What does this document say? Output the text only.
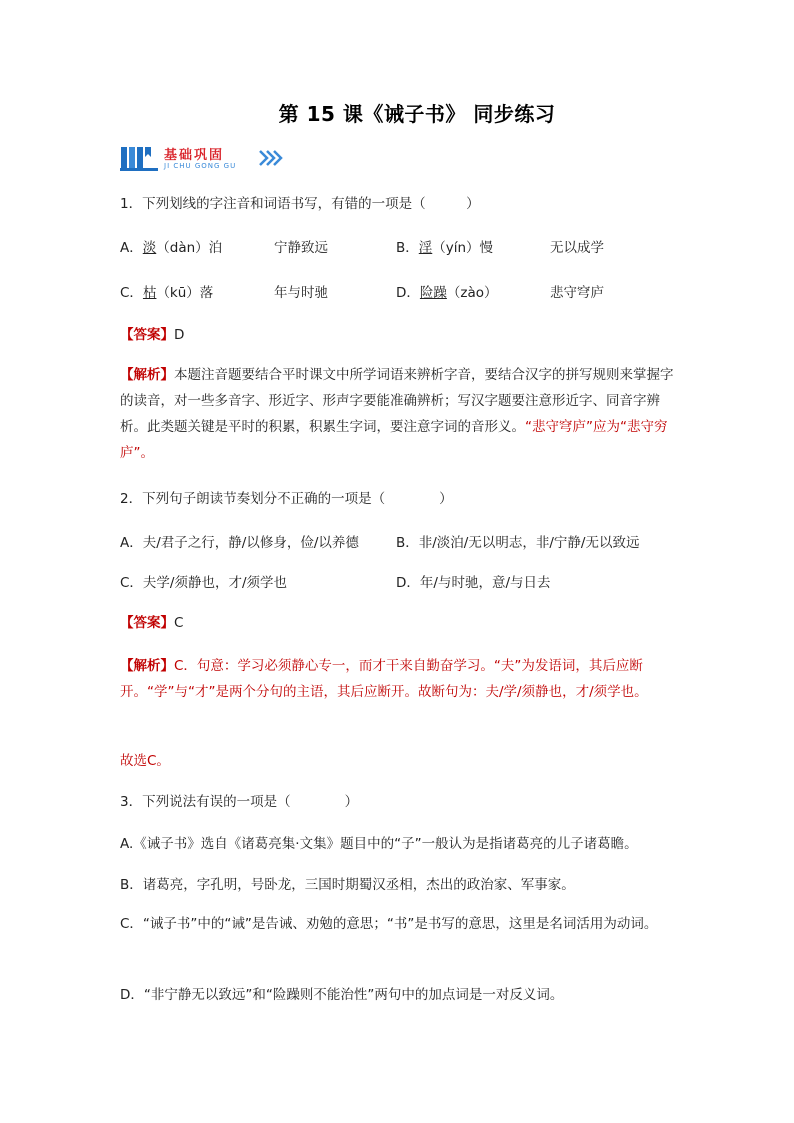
第 15 课《诫子书》 同步练习
基础巩固
JI CHU GONG GU
1．下列划线的字注音和词语书写，有错的一项是（　　　）
A．淡（dàn）泊	宁静致远	B．淫（yín）慢	无以成学
C．枯（kū）落	年与时驰	D．险躁（zào）	悲守穹庐
【答案】D
【解析】本题注音题要结合平时课文中所学词语来辨析字音，要结合汉字的拼写规则来掌握字的读音，对一些多音字、形近字、形声字要能准确辨析；写汉字题要注意形近字、同音字辨析。此类题关键是平时的积累，积累生字词，要注意字词的音形义。“悲守穹庐”应为“悲守穷庐”。
2．下列句子朗读节奏划分不正确的一项是（　　　　）
A．夫/君子之行，静/以修身，俭/以养德	B．非/淡泊/无以明志，非/宁静/无以致远
C．夫学/须静也，才/须学也	D．年/与时驰，意/与日去
【答案】C
【解析】C．句意：学习必须静心专一，而才干来自勤奋学习。“夫”为发语词，其后应断开。“学”与“才”是两个分句的主语，其后应断开。故断句为：夫/学/须静也，才/须学也。
故选C。
3．下列说法有误的一项是（　　　　）
A.《诫子书》选自《诸葛亮集·文集》题目中的“子”一般认为是指诸葛亮的儿子诸葛瞻。
B．诸葛亮，字孔明，号卧龙，三国时期蜀汉丞相，杰出的政治家、军事家。
C．“诫子书”中的“诫”是告诫、劝勉的意思；“书”是书写的意思，这里是名词活用为动词。
D．“非宁静无以致远”和“险躁则不能治性”两句中的加点词是一对反义词。
